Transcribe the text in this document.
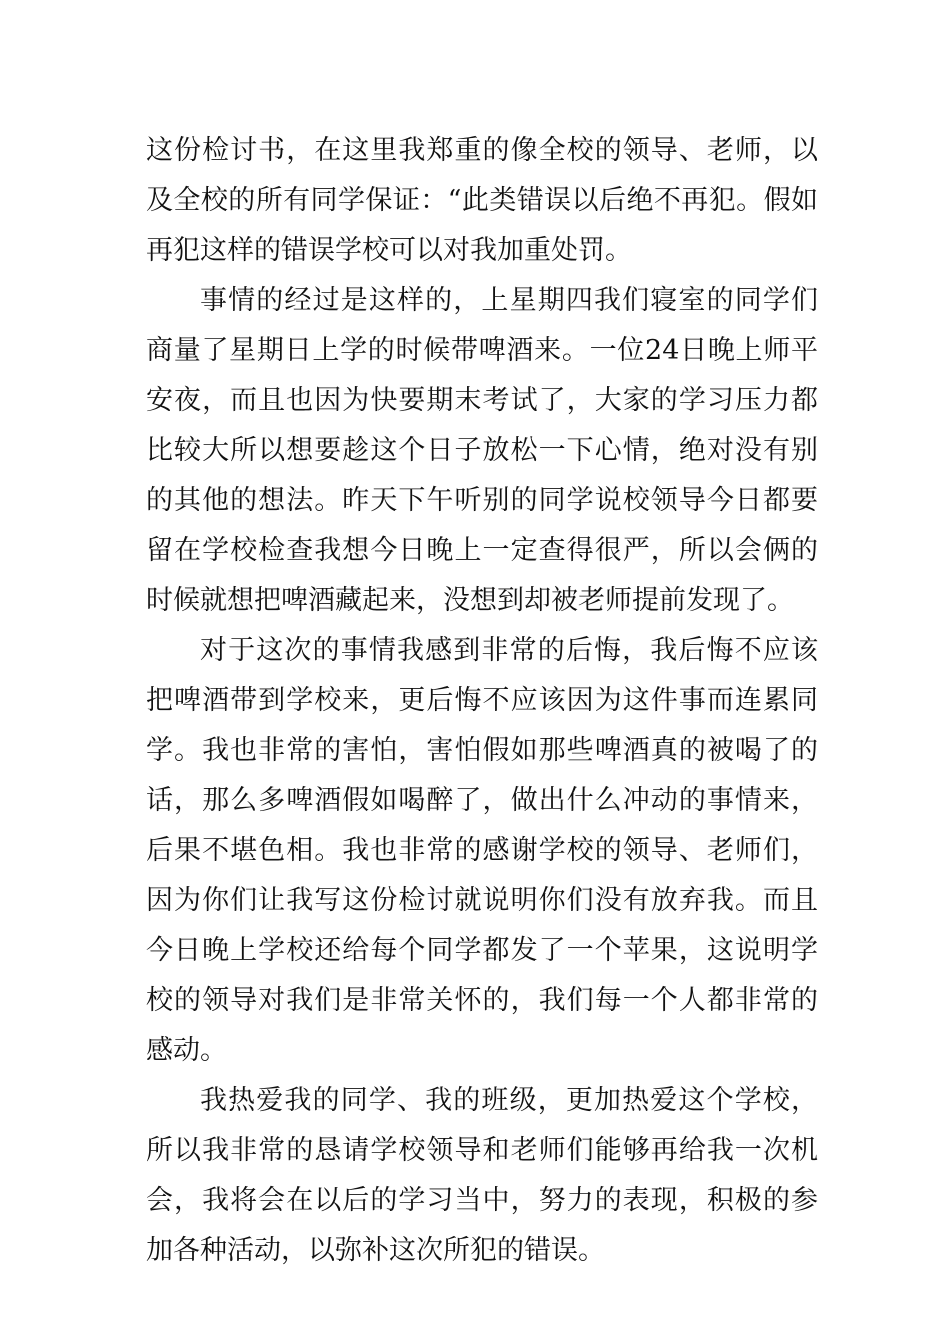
这份检讨书，在这里我郑重的像全校的领导、老师，以及全校的所有同学保证：“此类错误以后绝不再犯。假如再犯这样的错误学校可以对我加重处罚。

事情的经过是这样的，上星期四我们寝室的同学们商量了星期日上学的时候带啤酒来。一位24日晚上师平安夜，而且也因为快要期末考试了，大家的学习压力都比较大所以想要趁这个日子放松一下心情，绝对没有别的其他的想法。昨天下午听别的同学说校领导今日都要留在学校检查我想今日晚上一定查得很严，所以会俩的时候就想把啤酒藏起来，没想到却被老师提前发现了。

对于这次的事情我感到非常的后悔，我后悔不应该把啤酒带到学校来，更后悔不应该因为这件事而连累同学。我也非常的害怕，害怕假如那些啤酒真的被喝了的话，那么多啤酒假如喝醉了，做出什么冲动的事情来，后果不堪色相。我也非常的感谢学校的领导、老师们，因为你们让我写这份检讨就说明你们没有放弃我。而且今日晚上学校还给每个同学都发了一个苹果，这说明学校的领导对我们是非常关怀的，我们每一个人都非常的感动。

我热爱我的同学、我的班级，更加热爱这个学校，所以我非常的恳请学校领导和老师们能够再给我一次机会，我将会在以后的学习当中，努力的表现，积极的参加各种活动，以弥补这次所犯的错误。
